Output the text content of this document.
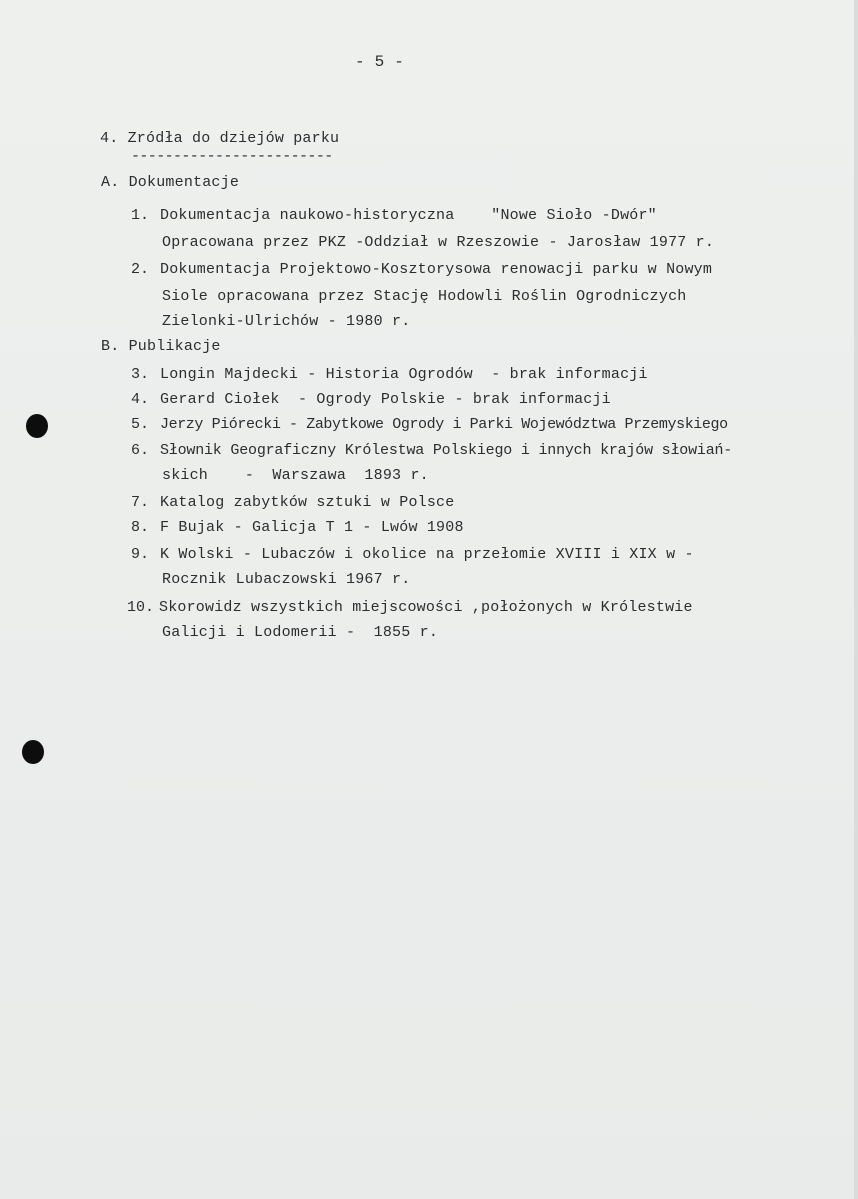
- 5 -
4. Zródła do dziejów parku
------------------------
A. Dokumentacje
1. Dokumentacja naukowo-historyczna    "Nowe Sioło -Dwór"
Opracowana przez PKZ -Oddział w Rzeszowie - Jarosław 1977 r.
2. Dokumentacja Projektowo-Kosztorysowa renowacji parku w Nowym
Siole opracowana przez Stację Hodowli Roślin Ogrodniczych
Zielonki-Ulrichów - 1980 r.
B. Publikacje
3. Longin Majdecki - Historia Ogrodów  - brak informacji
4. Gerard Ciołek  - Ogrody Polskie - brak informacji
5. Jerzy Piórecki - Zabytkowe Ogrody i Parki Województwa Przemyskiego
6. Słownik Geograficzny Królestwa Polskiego i innych krajów słowiań-
skich    -  Warszawa  1893 r.
7. Katalog zabytków sztuki w Polsce
8. F Bujak - Galicja T 1 - Lwów 1908
9. K Wolski - Lubaczów i okolice na przełomie XVIII i XIX w -
Rocznik Lubaczowski 1967 r.
10. Skorowidz wszystkich miejscowości ,położonych w Królestwie
Galicji i Lodomerii -  1855 r.
